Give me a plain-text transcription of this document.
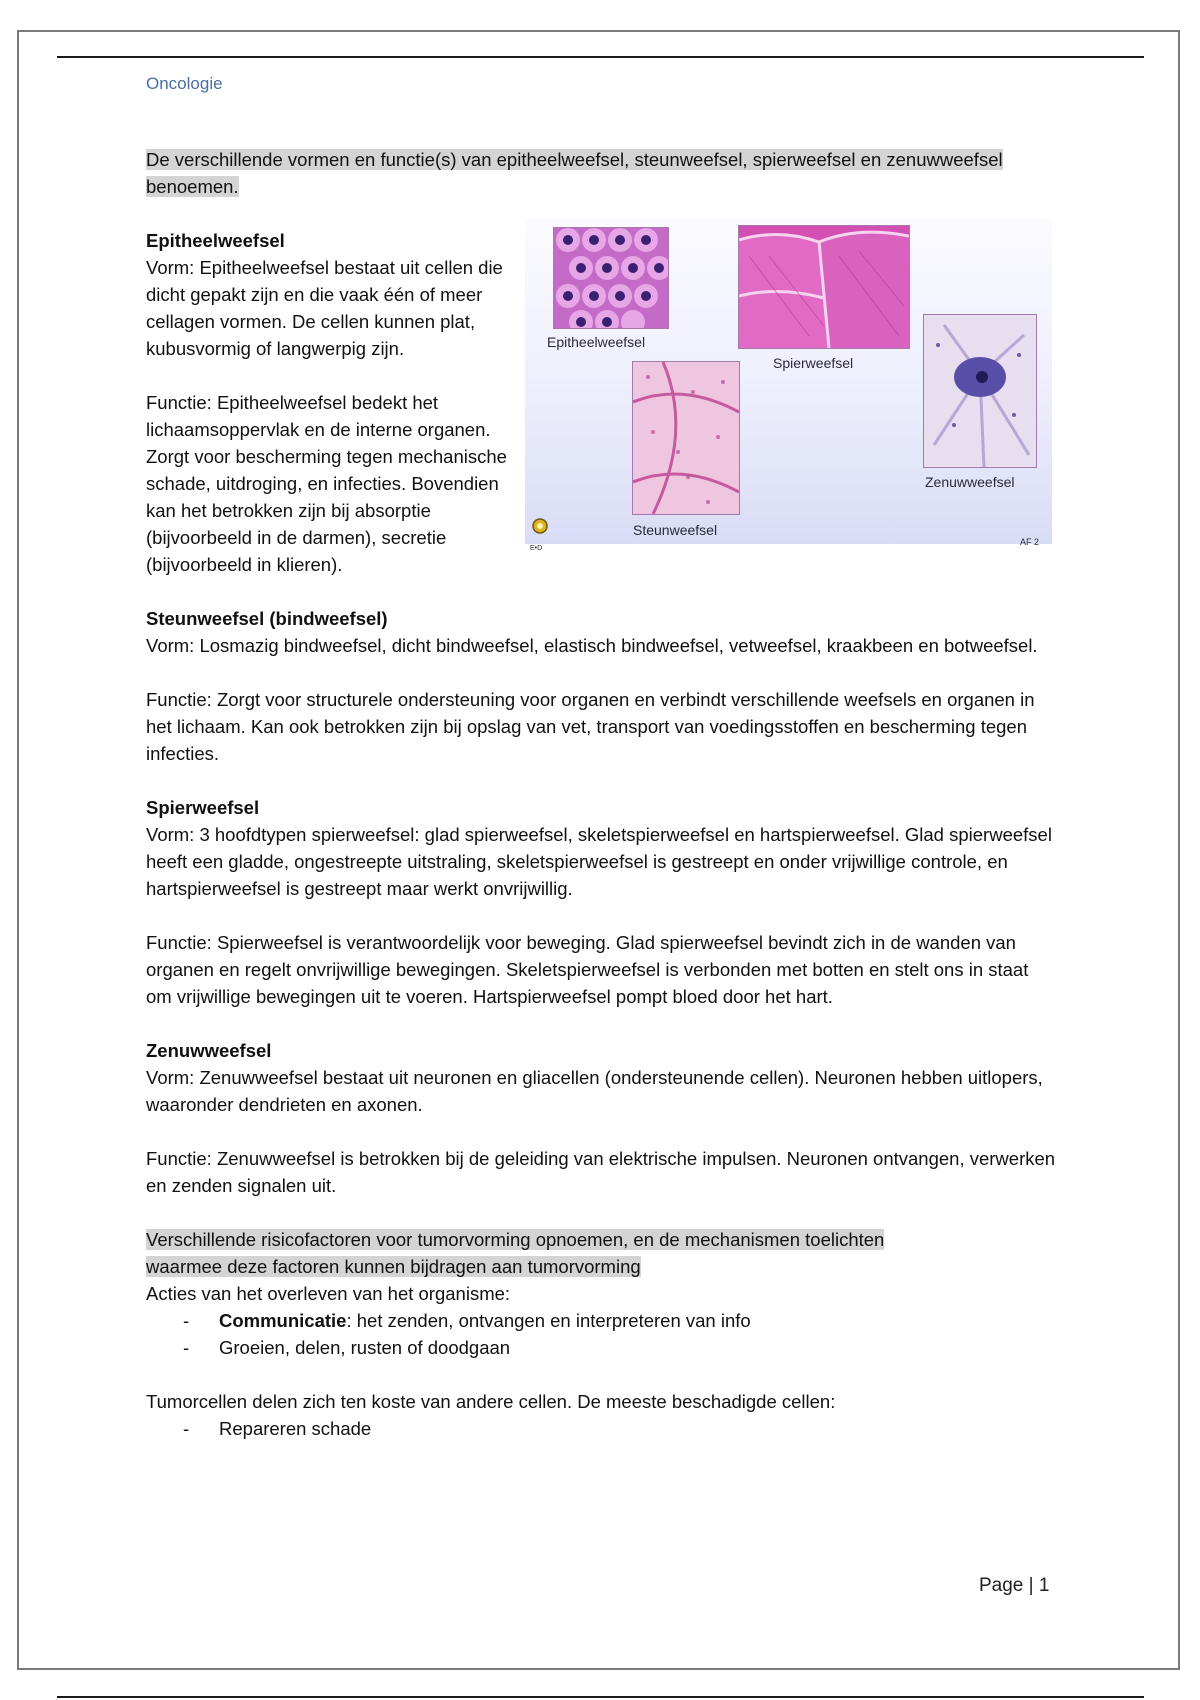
Oncologie

De verschillende vormen en functie(s) van epitheelweefsel, steunweefsel, spierweefsel en zenuwweefsel benoemen.

Epitheelweefsel

Vorm: Epitheelweefsel bestaat uit cellen die dicht gepakt zijn en die vaak één of meer cellagen vormen. De cellen kunnen plat, kubusvormig of langwerpig zijn.

Functie: Epitheelweefsel bedekt het lichaamsoppervlak en de interne organen. Zorgt voor bescherming tegen mechanische schade, uitdroging, en infecties. Bovendien kan het betrokken zijn bij absorptie (bijvoorbeeld in de darmen), secretie (bijvoorbeeld in klieren).

Epitheelweefsel
Spierweefsel
Zenuwweefsel
Steunweefsel
E•D
AF 2

Steunweefsel (bindweefsel)

Vorm: Losmazig bindweefsel, dicht bindweefsel, elastisch bindweefsel, vetweefsel, kraakbeen en botweefsel.

Functie: Zorgt voor structurele ondersteuning voor organen en verbindt verschillende weefsels en organen in het lichaam. Kan ook betrokken zijn bij opslag van vet, transport van voedingsstoffen en bescherming tegen infecties.

Spierweefsel

Vorm: 3 hoofdtypen spierweefsel: glad spierweefsel, skeletspierweefsel en hartspierweefsel. Glad spierweefsel heeft een gladde, ongestreepte uitstraling, skeletspierweefsel is gestreept en onder vrijwillige controle, en hartspierweefsel is gestreept maar werkt onvrijwillig.

Functie: Spierweefsel is verantwoordelijk voor beweging. Glad spierweefsel bevindt zich in de wanden van organen en regelt onvrijwillige bewegingen. Skeletspierweefsel is verbonden met botten en stelt ons in staat om vrijwillige bewegingen uit te voeren. Hartspierweefsel pompt bloed door het hart.

Zenuwweefsel

Vorm: Zenuwweefsel bestaat uit neuronen en gliacellen (ondersteunende cellen). Neuronen hebben uitlopers, waaronder dendrieten en axonen.

Functie: Zenuwweefsel is betrokken bij de geleiding van elektrische impulsen. Neuronen ontvangen, verwerken en zenden signalen uit.

Verschillende risicofactoren voor tumorvorming opnoemen, en de mechanismen toelichten
waarmee deze factoren kunnen bijdragen aan tumorvorming

Acties van het overleven van het organisme:

- Communicatie: het zenden, ontvangen en interpreteren van info
- Groeien, delen, rusten of doodgaan

Tumorcellen delen zich ten koste van andere cellen. De meeste beschadigde cellen:

- Repareren schade
Page | 1
